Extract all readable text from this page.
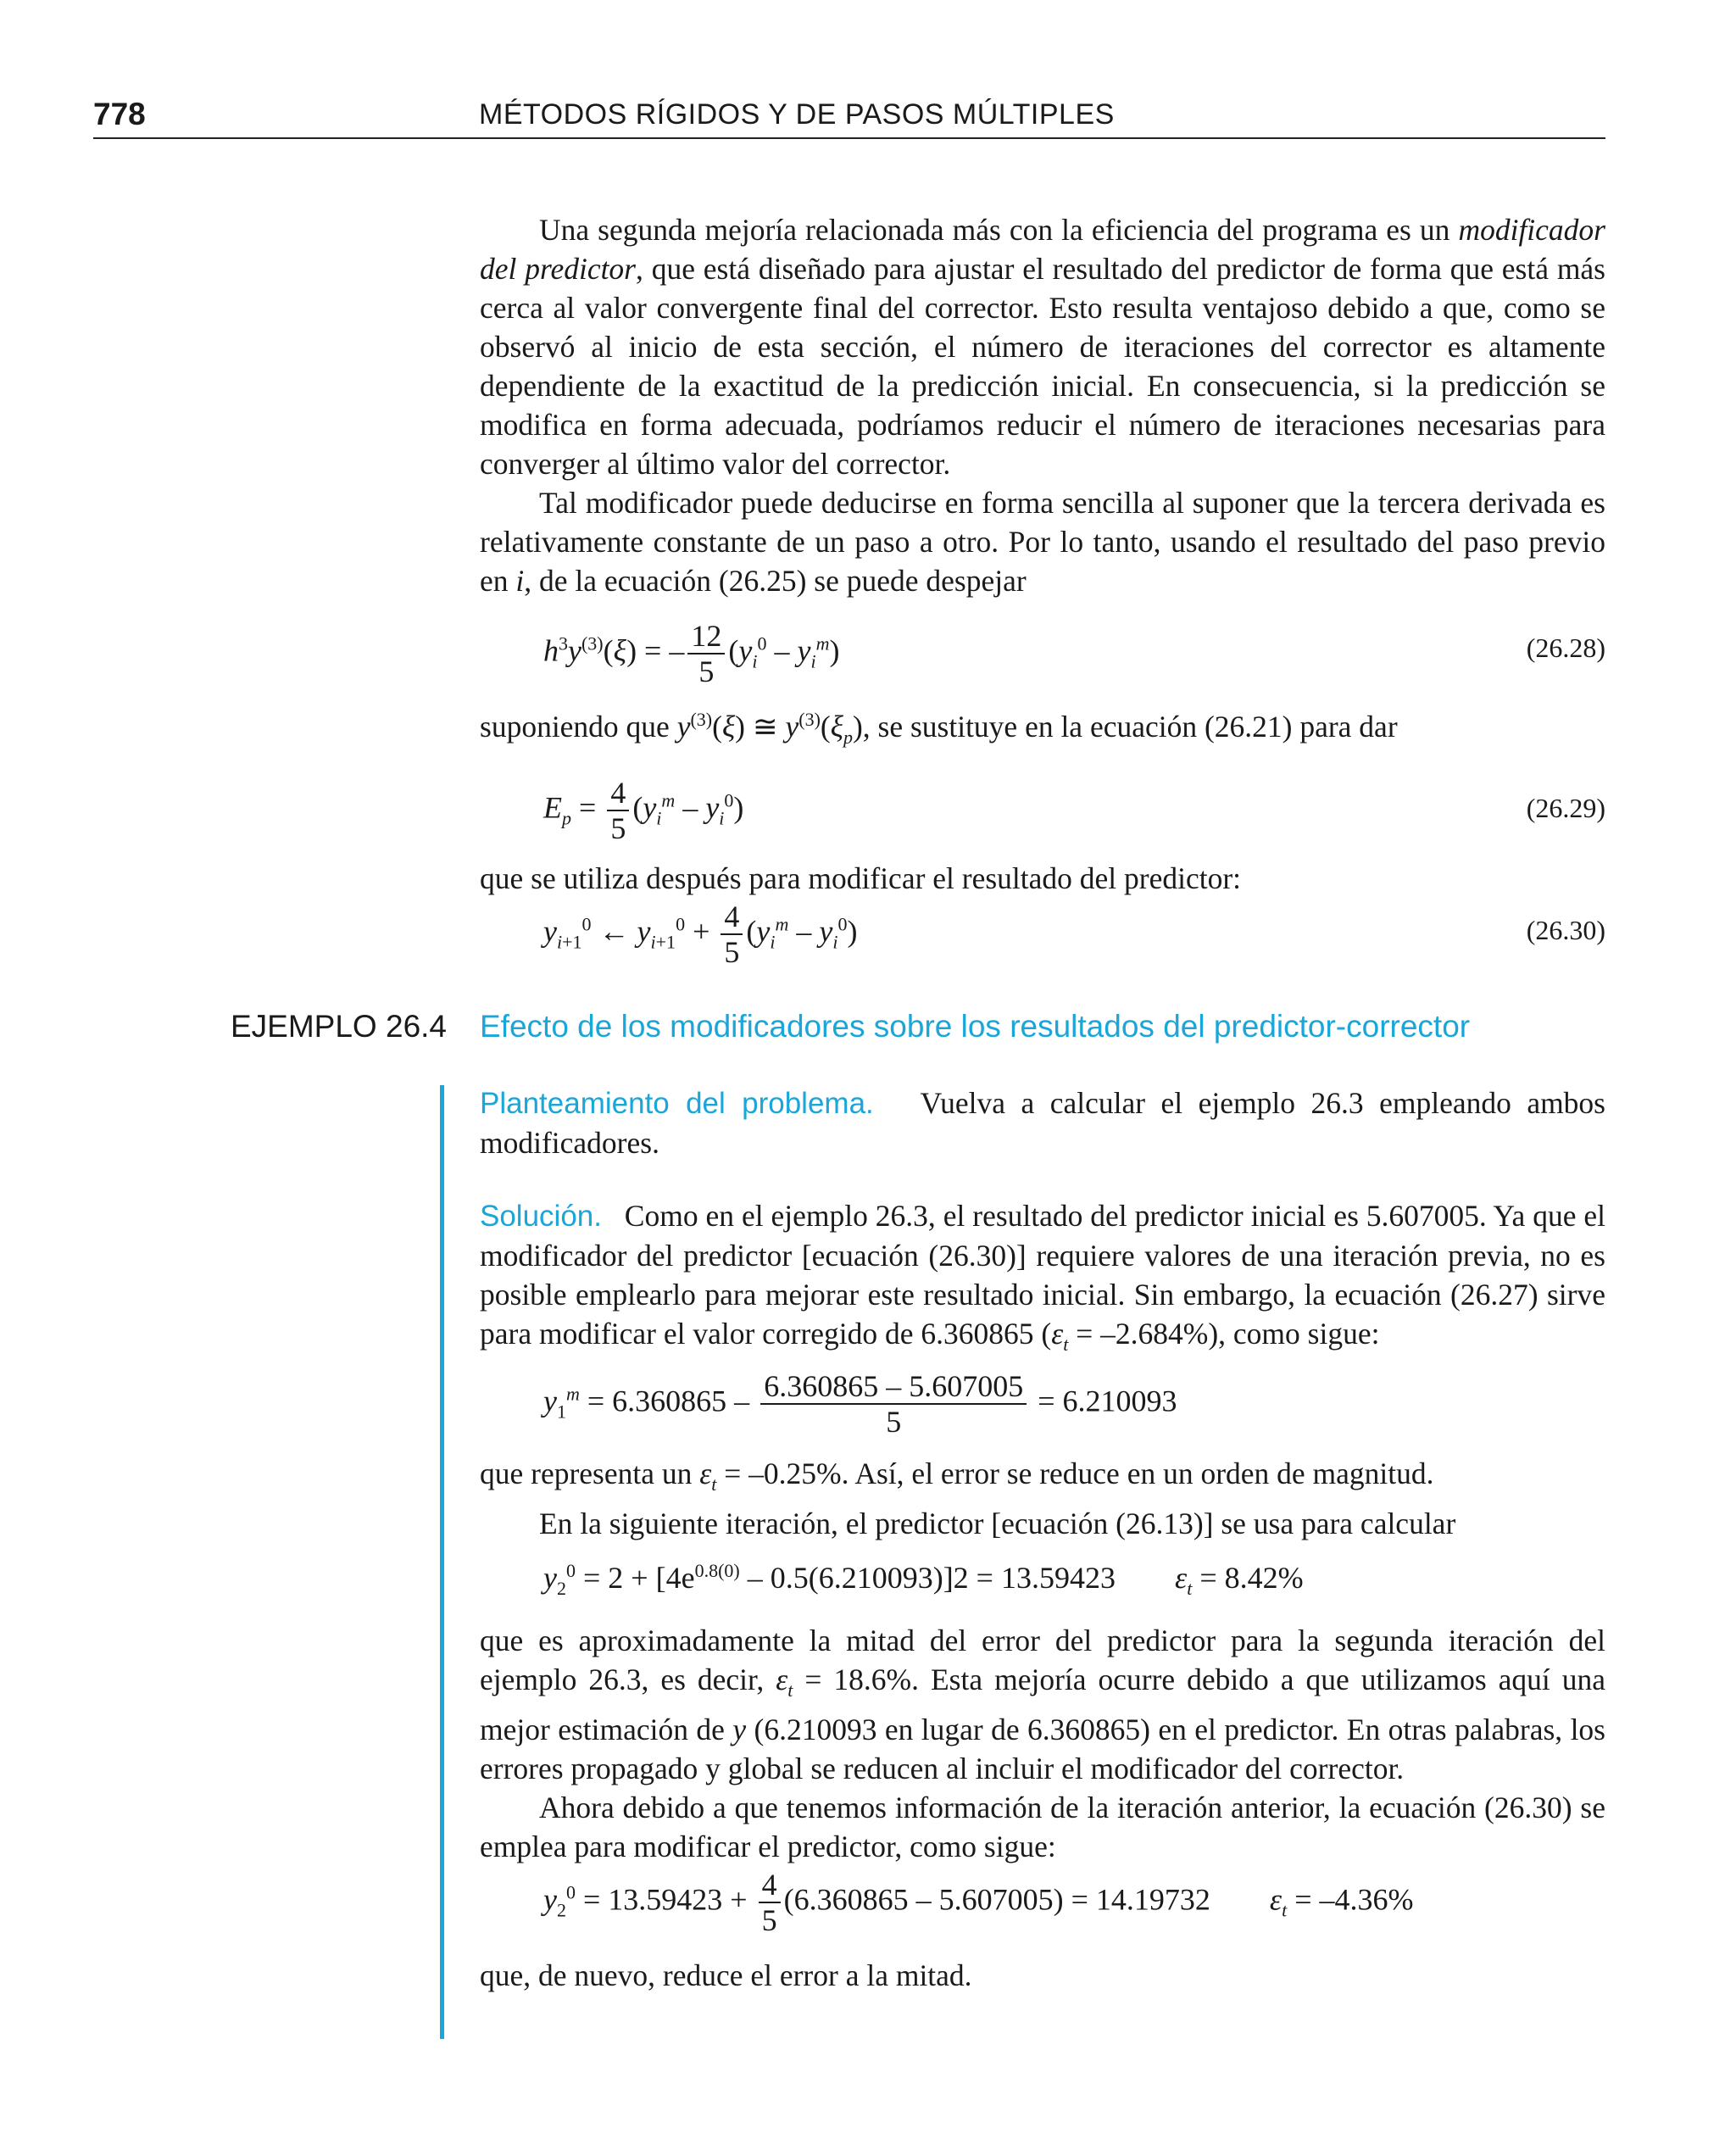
778	MÉTODOS RÍGIDOS Y DE PASOS MÚLTIPLES

Una segunda mejoría relacionada más con la eficiencia del programa es un modificador del predictor, que está diseñado para ajustar el resultado del predictor de forma que está más cerca al valor convergente final del corrector. Esto resulta ventajoso debido a que, como se observó al inicio de esta sección, el número de iteraciones del corrector es altamente dependiente de la exactitud de la predicción inicial. En consecuencia, si la predicción se modifica en forma adecuada, podríamos reducir el número de iteraciones necesarias para converger al último valor del corrector.

Tal modificador puede deducirse en forma sencilla al suponer que la tercera derivada es relativamente constante de un paso a otro. Por lo tanto, usando el resultado del paso previo en i, de la ecuación (26.25) se puede despejar

$h^3y^{(3)}(\xi)$ = – $\frac{12}{5} (y_i^0 - y_i^m)$	(26.28)

suponiendo que $y^{(3)}(\xi)$ ≅ $y^{(3)}(\xi_p)$, se sustituye en la ecuación (26.21) para dar

$E_p = \frac{4}{5} (y_i^m - y_i^0)$	(26.29)

que se utiliza después para modificar el resultado del predictor:

$y_{i+1}^0$ ← $y_{i+1}^0 + \frac{4}{5} (y_i^m - y_i^0)$	(26.30)
EJEMPLO 26.4 Efecto de los modificadores sobre los resultados del predictor-corrector

Planteamiento del problema. Vuelva a calcular el ejemplo 26.3 empleando ambos modificadores.

Solución. Como en el ejemplo 26.3, el resultado del predictor inicial es 5.607005. Ya que el modificador del predictor [ecuación (26.30)] requiere valores de una iteración previa, no es posible emplearlo para mejorar este resultado inicial. Sin embargo, la ecuación (26.27) sirve para modificar el valor corregido de 6.360865 $(\varepsilon_t = -2.684\%)$, como sigue:

$y_1^m = 6.360865 - \frac{6.360865 - 5.607005}{5} = 6.210093$

que representa un $\varepsilon_t = -0.25\%$. Así, el error se reduce en un orden de magnitud.

En la siguiente iteración, el predictor [ecuación (26.13)] se usa para calcular

$y_2^0 = 2 + [4e^{0.8(0)} - 0.5(6.210093)]2 = 13.59423$ $\varepsilon_t = 8.42\%$

que es aproximadamente la mitad del error del predictor para la segunda iteración del ejemplo 26.3, es decir, $\varepsilon_t = 18.6\%$. Esta mejoría ocurre debido a que utilizamos aquí una mejor estimación de y (6.210093 en lugar de 6.360865) en el predictor. En otras palabras, los errores propagado y global se reducen al incluir el modificador del corrector.

Ahora debido a que tenemos información de la iteración anterior, la ecuación (26.30) se emplea para modificar el predictor, como sigue:

$y_2^0 = 13.59423 + \frac{4}{5} (6.360865 - 5.607005) = 14.19732$ $\varepsilon_t = -4.36\%$

que, de nuevo, reduce el error a la mitad.
